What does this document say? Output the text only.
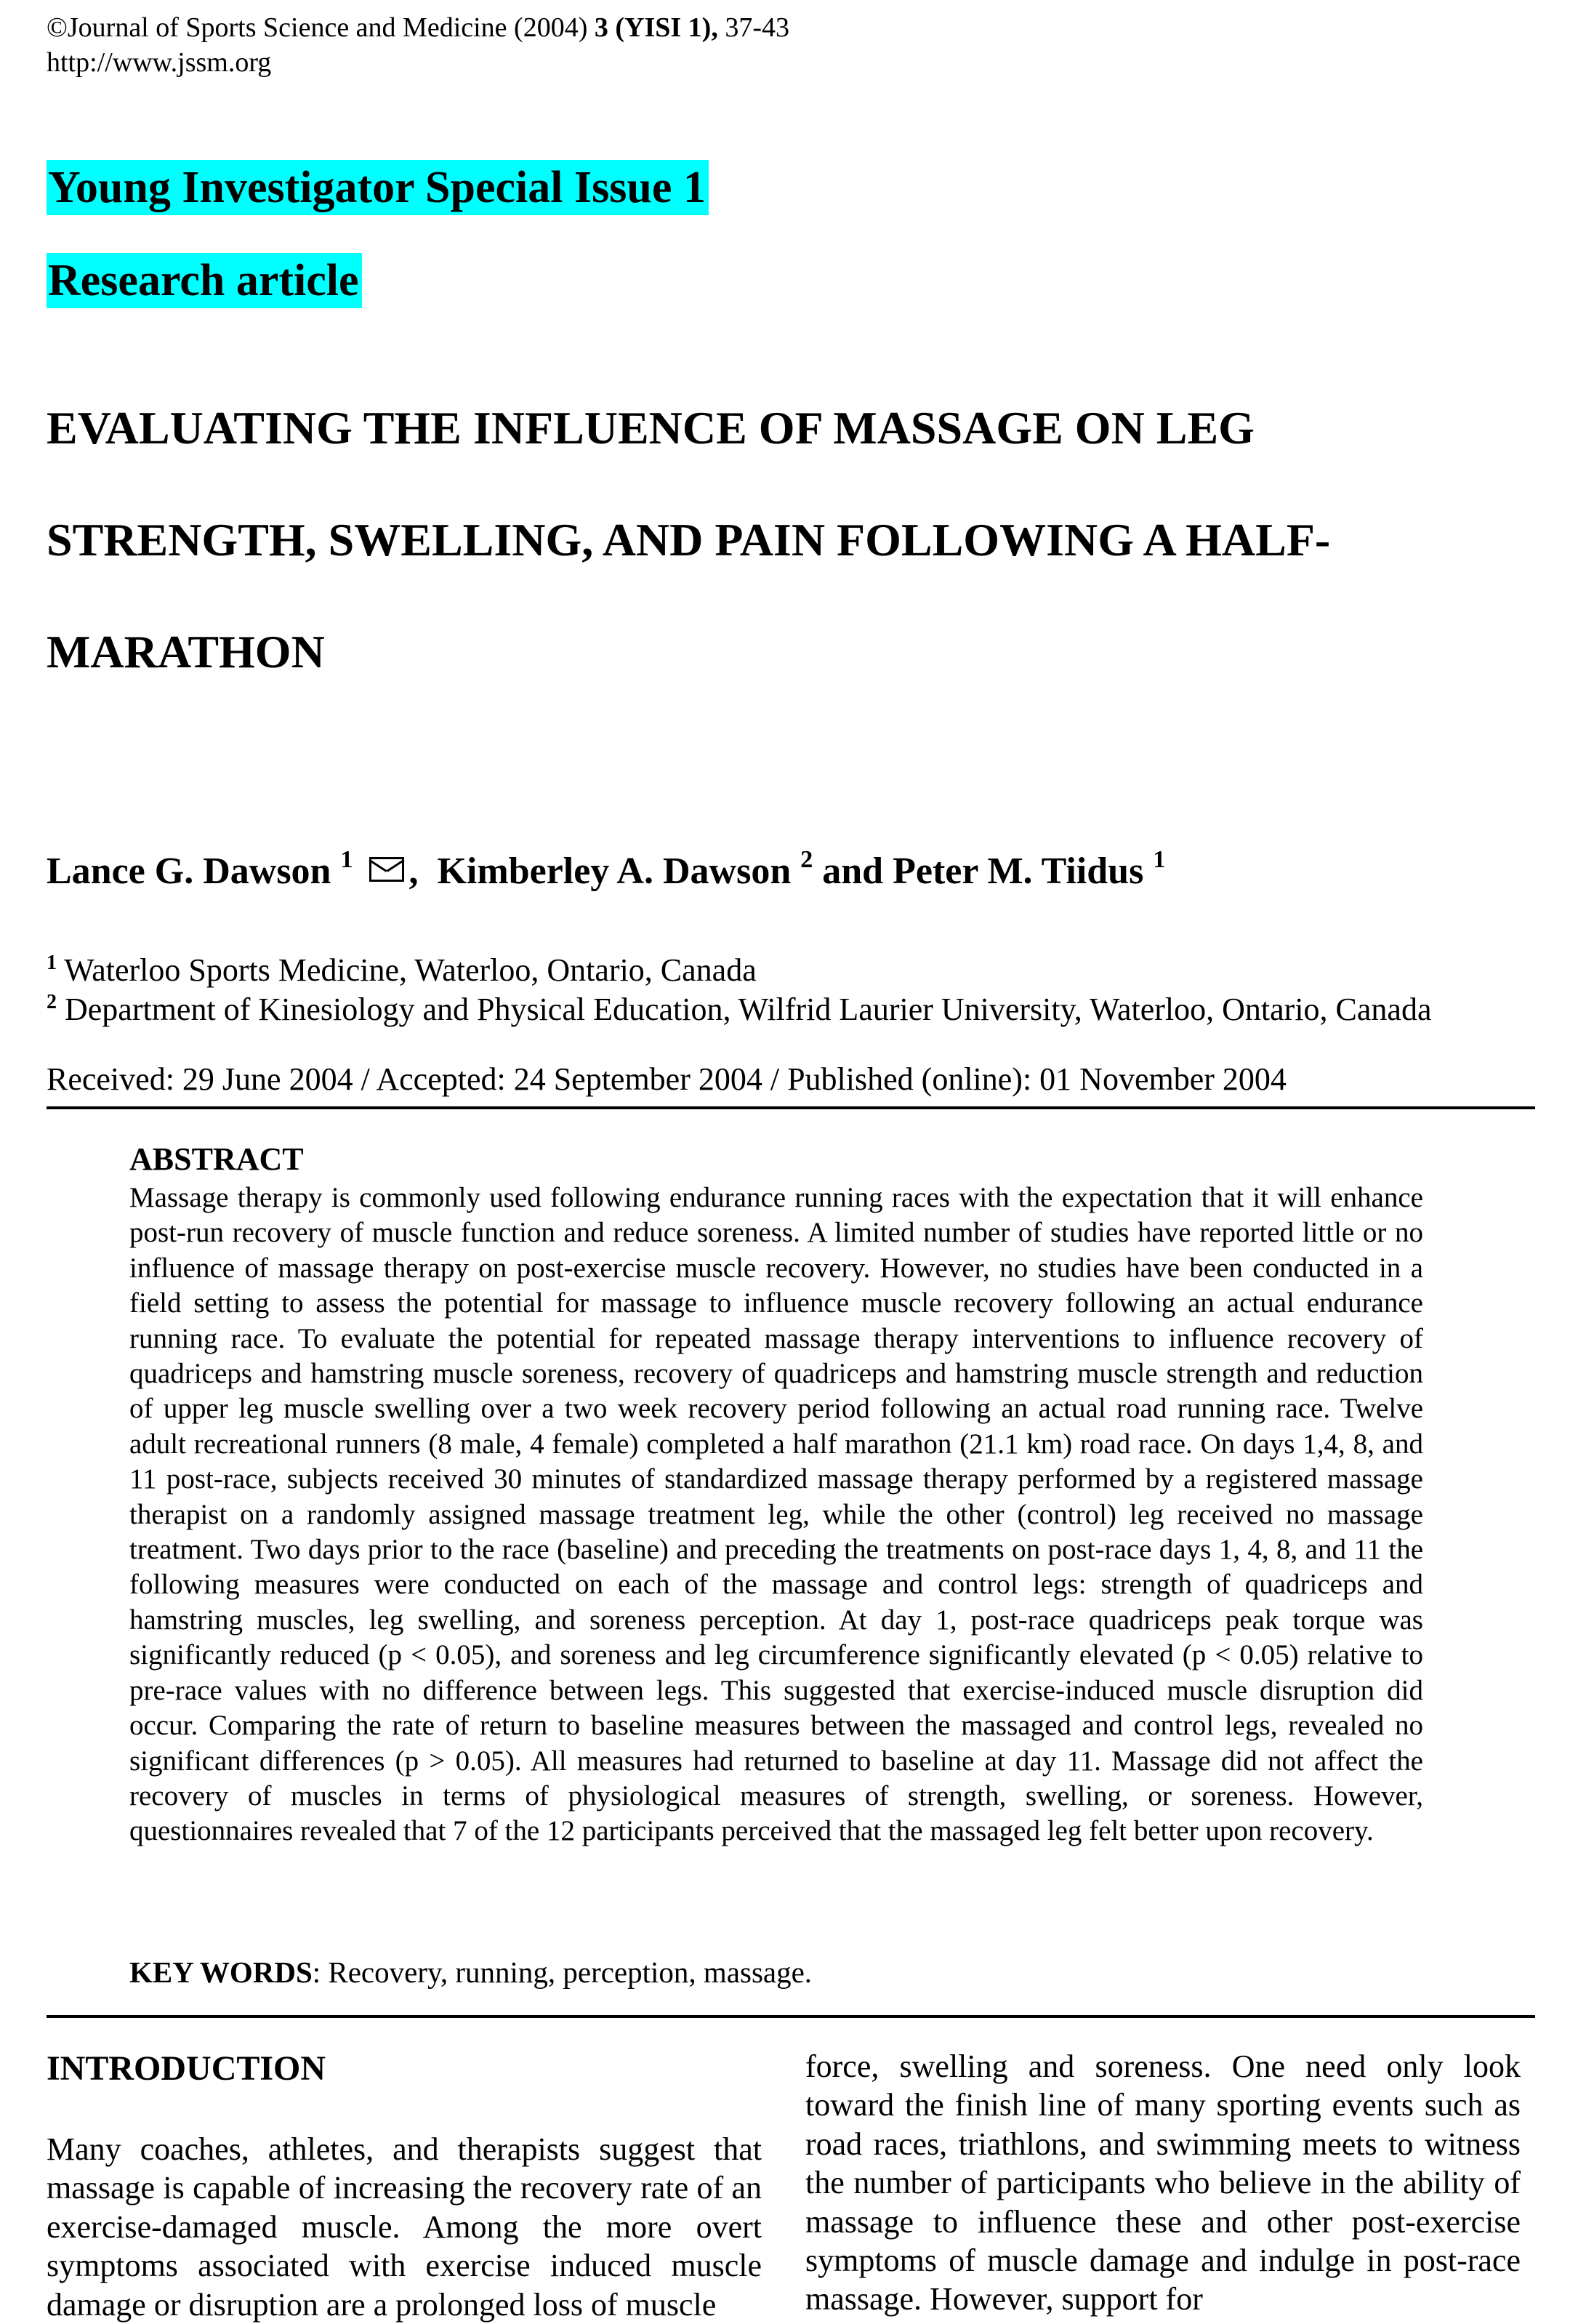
©Journal of Sports Science and Medicine (2004) 3 (YISI 1), 37-43
http://www.jssm.org
Young Investigator Special Issue 1
Research article
EVALUATING THE INFLUENCE OF MASSAGE ON LEG
STRENGTH, SWELLING, AND PAIN FOLLOWING A HALF-
MARATHON
Lance G. Dawson $^1$ ,  Kimberley A. Dawson $^2$ and Peter M. Tiidus $^1$
$^1$ Waterloo Sports Medicine, Waterloo, Ontario, Canada
$^2$ Department of Kinesiology and Physical Education, Wilfrid Laurier University, Waterloo, Ontario, Canada
Received: 29 June 2004 / Accepted: 24 September 2004 / Published (online): 01 November 2004
ABSTRACT
Massage therapy is commonly used following endurance running races with the expectation that it will enhance post-run recovery of muscle function and reduce soreness. A limited number of studies have reported little or no influence of massage therapy on post-exercise muscle recovery. However, no studies have been conducted in a field setting to assess the potential for massage to influence muscle recovery following an actual endurance running race. To evaluate the potential for repeated massage therapy interventions to influence recovery of quadriceps and hamstring muscle soreness, recovery of quadriceps and hamstring muscle strength and reduction of upper leg muscle swelling over a two week recovery period following an actual road running race. Twelve adult recreational runners (8 male, 4 female) completed a half marathon (21.1 km) road race. On days 1,4, 8, and 11 post-race, subjects received 30 minutes of standardized massage therapy performed by a registered massage therapist on a randomly assigned massage treatment leg, while the other (control) leg received no massage treatment. Two days prior to the race (baseline) and preceding the treatments on post-race days 1, 4, 8, and 11 the following measures were conducted on each of the massage and control legs: strength of quadriceps and hamstring muscles, leg swelling, and soreness perception. At day 1, post-race quadriceps peak torque was significantly reduced (p < 0.05), and soreness and leg circumference significantly elevated (p < 0.05) relative to pre-race values with no difference between legs. This suggested that exercise-induced muscle disruption did occur. Comparing the rate of return to baseline measures between the massaged and control legs, revealed no significant differences (p > 0.05). All measures had returned to baseline at day 11. Massage did not affect the recovery of muscles in terms of physiological measures of strength, swelling, or soreness. However, questionnaires revealed that 7 of the 12 participants perceived that the massaged leg felt better upon recovery.
KEY WORDS: Recovery, running, perception, massage.
INTRODUCTION
Many coaches, athletes, and therapists suggest that massage is capable of increasing the recovery rate of an exercise-damaged muscle. Among the more overt symptoms associated with exercise induced muscle damage or disruption are a prolonged loss of muscle
force, swelling and soreness. One need only look toward the finish line of many sporting events such as road races, triathlons, and swimming meets to witness the number of participants who believe in the ability of massage to influence these and other post-exercise symptoms of muscle damage and indulge in post-race massage. However, support for
